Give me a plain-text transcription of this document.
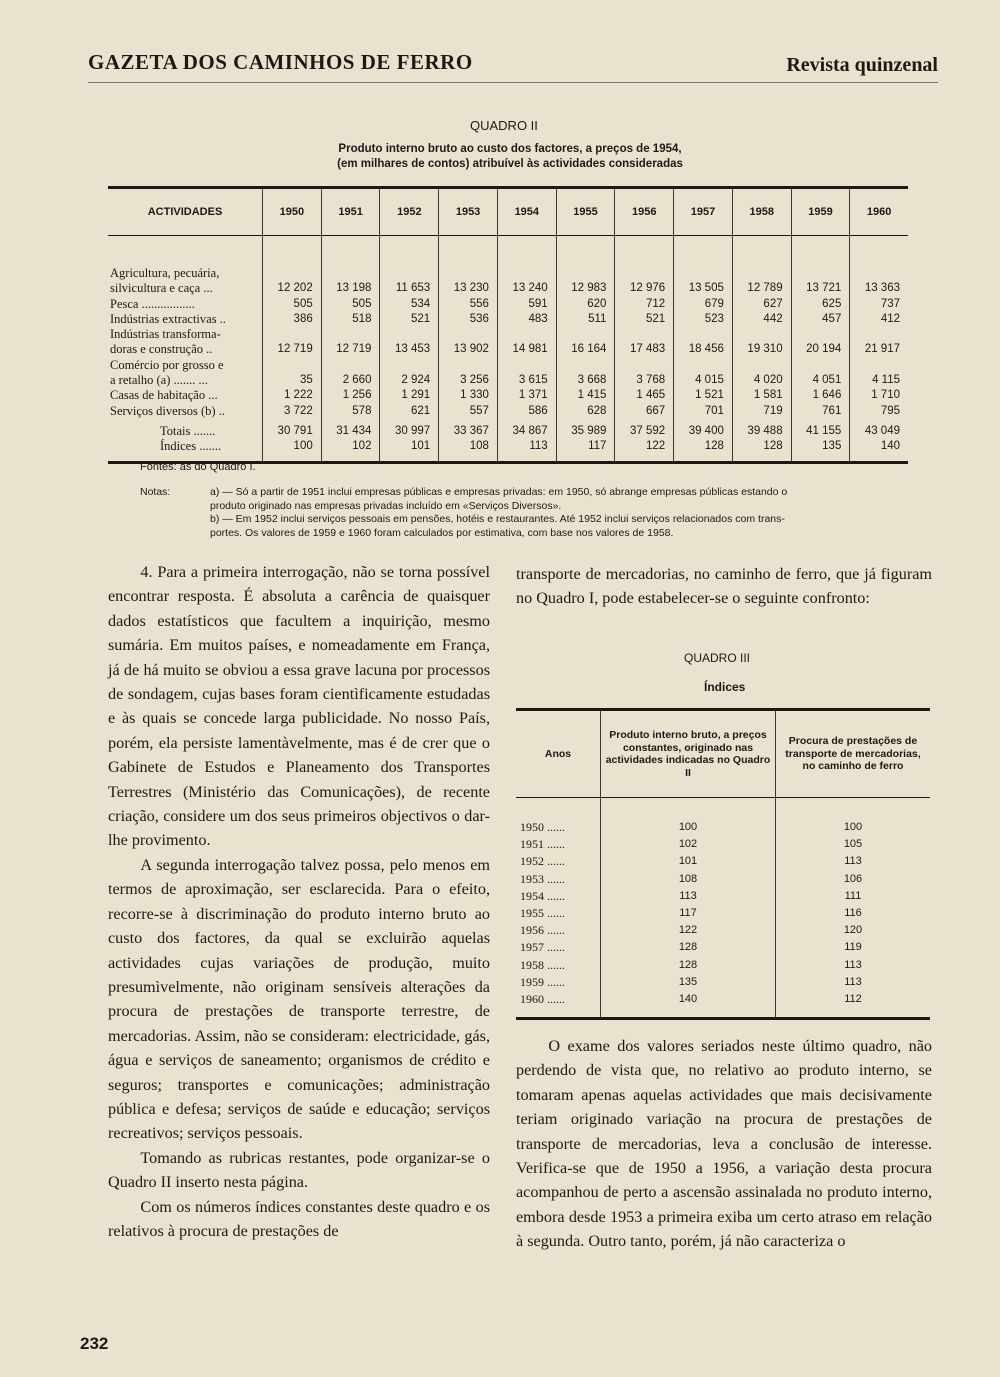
GAZETA DOS CAMINHOS DE FERRO	Revista quinzenal
QUADRO II
Produto interno bruto ao custo dos factores, a preços de 1954,
(em milhares de contos) atribuível às actividades consideradas
ACTIVIDADES	1950	1951	1952	1953	1954	1955	1956	1957	1958	1959	1960

Agricultura, pecuária,
silvicultura e caça ...	12 202	13 198	11 653	13 230	13 240	12 983	12 976	13 505	12 789	13 721	13 363

Pesca .................	505	505	534	556	591	620	712	679	627	625	737

Indústrias extractivas ..	386	518	521	536	483	511	521	523	442	457	412

Indústrias transforma-
doras e construção ..	12 719	12 719	13 453	13 902	14 981	16 164	17 483	18 456	19 310	20 194	21 917

Comércio por grosso e
a retalho (a) ....... ...	35	2 660	2 924	3 256	3 615	3 668	3 768	4 015	4 020	4 051	4 115

Casas de habitação ...	1 222	1 256	1 291	1 330	1 371	1 415	1 465	1 521	1 581	1 646	1 710

Serviços diversos (b) ..	3 722	578	621	557	586	628	667	701	719	761	795

Totais .......	30 791	31 434	30 997	33 367	34 867	35 989	37 592	39 400	39 488	41 155	43 049

Índices .......	100	102	101	108	113	117	122	128	128	135	140
Fontes: as do Quadro I.
Notas:	a) — Só a partir de 1951 inclui empresas públicas e empresas privadas: em 1950, só abrange empresas públicas estando o
produto originado nas empresas privadas incluído em «Serviços Diversos».
b) — Em 1952 inclui serviços pessoais em pensões, hotéis e restaurantes. Até 1952 inclui serviços relacionados com trans-
portes. Os valores de 1959 e 1960 foram calculados por estimativa, com base nos valores de 1958.

4. Para a primeira interrogação, não se torna possível encontrar resposta. É absoluta a carência de quaisquer dados estatísticos que facultem a inquirição, mesmo sumária. Em muitos países, e nomeadamente em França, já de há muito se obviou a essa grave lacuna por processos de sondagem, cujas bases foram cientìficamente estudadas e às quais se concede larga publicidade. No nosso País, porém, ela persiste lamentàvelmente, mas é de crer que o Gabinete de Estudos e Planeamento dos Transportes Terrestres (Ministério das Comunicações), de recente criação, considere um dos seus primeiros objectivos o dar-lhe provimento.

A segunda interrogação talvez possa, pelo menos em termos de aproximação, ser esclarecida. Para o efeito, recorre-se à discriminação do produto interno bruto ao custo dos factores, da qual se excluirão aquelas actividades cujas variações de produção, muito presumìvelmente, não originam sensíveis alterações da procura de prestações de transporte terrestre, de mercadorias. Assim, não se consideram: electricidade, gás, água e serviços de saneamento; organismos de crédito e seguros; transportes e comunicações; administração pública e defesa; serviços de saúde e educação; serviços recreativos; serviços pessoais.

Tomando as rubricas restantes, pode organizar-se o Quadro II inserto nesta página.

Com os números índices constantes deste quadro e os relativos à procura de prestações de

transporte de mercadorias, no caminho de ferro, que já figuram no Quadro I, pode estabelecer-se o seguinte confronto:

QUADRO III
Índices
Anos	Produto interno bruto, a preços constantes, originado nas actividades indicadas no Quadro II	Procura de prestações de transporte de mercadorias, no caminho de ferro
1950 ......	100	100
1951 ......	102	105
1952 ......	101	113
1953 ......	108	106
1954 ......	113	111
1955 ......	117	116
1956 ......	122	120
1957 ......	128	119
1958 ......	128	113
1959 ......	135	113
1960 ......	140	112

O exame dos valores seriados neste último quadro, não perdendo de vista que, no relativo ao produto interno, se tomaram apenas aquelas actividades que mais decisivamente teriam originado variação na procura de prestações de transporte de mercadorias, leva a conclusão de interesse. Verifica-se que de 1950 a 1956, a variação desta procura acompanhou de perto a ascensão assinalada no produto interno, embora desde 1953 a primeira exiba um certo atraso em relação à segunda. Outro tanto, porém, já não caracteriza o

232
